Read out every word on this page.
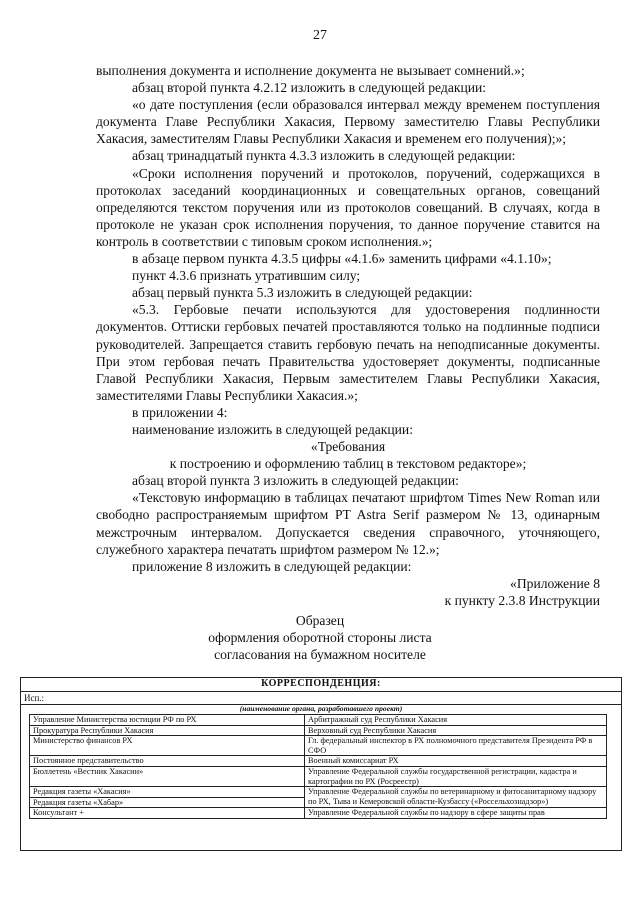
27

выполнения документа и исполнение документа не вызывает сомнений.»;

абзац второй пункта 4.2.12 изложить в следующей редакции:

«о дате поступления (если образовался интервал между временем поступления документа Главе Республики Хакасия, Первому заместителю Главы Республики Хакасия, заместителям Главы Республики Хакасия и временем его получения);»;

абзац тринадцатый пункта 4.3.3 изложить в следующей редакции:

«Сроки исполнения поручений и протоколов, поручений, содержащихся в протоколах заседаний координационных и совещательных органов, совещаний определяются текстом поручения или из протоколов совещаний. В случаях, когда в протоколе не указан срок исполнения поручения, то данное поручение ставится на контроль в соответствии с типовым сроком исполнения.»;

в абзаце первом пункта 4.3.5 цифры «4.1.6» заменить цифрами «4.1.10»;

пункт 4.3.6 признать утратившим силу;

абзац первый пункта 5.3 изложить в следующей редакции:

«5.3. Гербовые печати используются для удостоверения подлинности документов. Оттиски гербовых печатей проставляются только на подлинные подписи руководителей. Запрещается ставить гербовую печать на неподписанные документы. При этом гербовая печать Правительства удостоверяет документы, подписанные Главой Республики Хакасия, Первым заместителем Главы Республики Хакасия, заместителями Главы Республики Хакасия.»;

в приложении 4:

наименование изложить в следующей редакции:

«Требования

к построению и оформлению таблиц в текстовом редакторе»;

абзац второй пункта 3 изложить в следующей редакции:

«Текстовую информацию в таблицах печатают шрифтом Times New Roman или свободно распространяемым шрифтом PT Astra Serif размером № 13, одинарным межстрочным интервалом. Допускается сведения справочного, уточняющего, служебного характера печатать шрифтом размером № 12.»;

приложение 8 изложить в следующей редакции:

«Приложение 8

к пункту 2.3.8 Инструкции

Образец
оформления оборотной стороны листа
согласования на бумажном носителе
КОРРЕСПОНДЕНЦИЯ:
Исп.:
(наименование органа, разработавшего проект)
Управление Министерства юстиции РФ по РХ	Арбитражный суд Республики Хакасия
Прокуратура Республики Хакасия	Верховный суд Республики Хакасия
Министерство финансов РХ	Гл. федеральный инспектор в РХ полномочного представителя Президента РФ в СФО
Постоянное представительство	Военный комиссариат РХ
Бюллетень «Вестник Хакасии»	Управление Федеральной службы государственной регистрации, кадастра и картографии по РХ (Росреестр)
Редакция газеты «Хакасия»	Управление Федеральной службы по ветеринарному и фитосанитарному надзору по РХ, Тыва и Кемеровской области-Кузбассу («Россельхознадзор»)
Редакция газеты «Хабар»	
Консультант +	Управление Федеральной службы по надзору в сфере защиты прав
